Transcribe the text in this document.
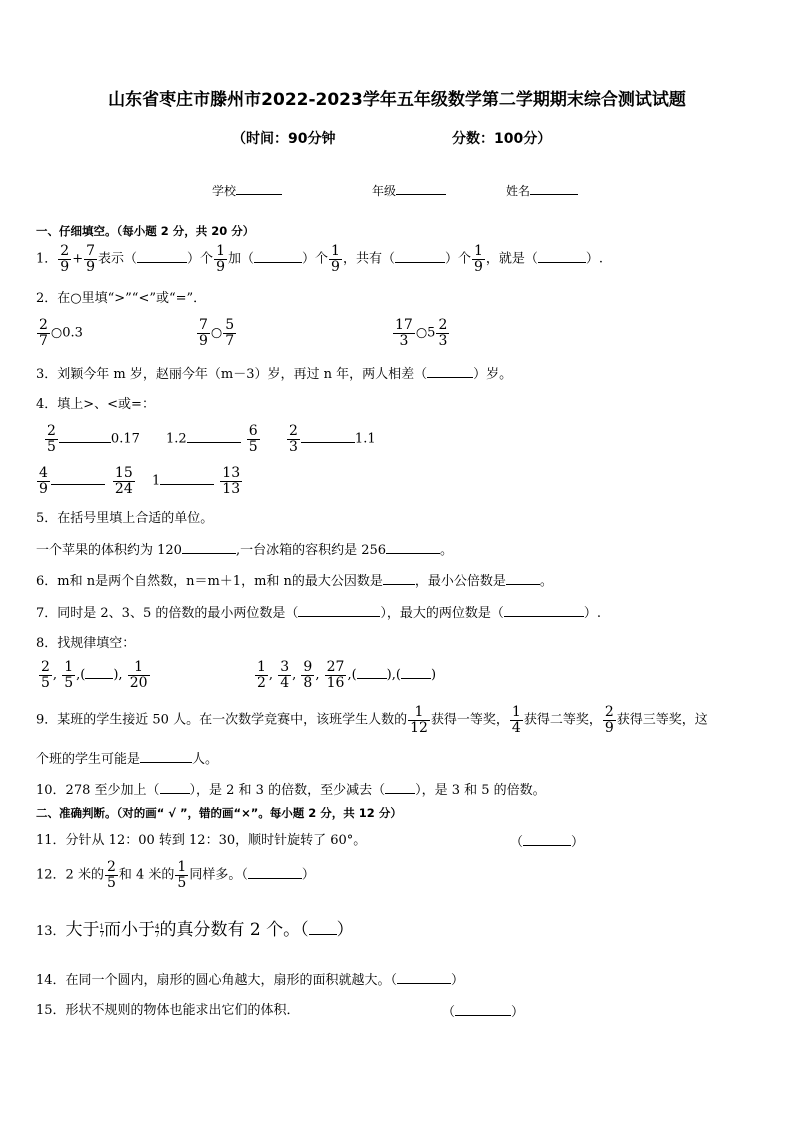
山东省枣庄市滕州市2022-2023学年五年级数学第二学期期末综合测试试题
（时间：90分钟	分数：100分）
学校	年级	姓名
一、仔细填空。（每小题 2 分，共 20 分）
1． $\frac{2}{9} + \frac{7}{9}$ 表示（	）个 $\frac{1}{9}$ 加（	）个 $\frac{1}{9}$ ，共有（	）个 $\frac{1}{9}$ ，就是（	）.
2．在○里填“>”“<”或“=”．
$\frac{2}{7}$ ○0.3	$\frac{7}{9}$ ○ $\frac{5}{7}$	$\frac{17}{3}$ ○5 $\frac{2}{3}$
3．刘颖今年 m 岁，赵丽今年（m－3）岁，再过 n 年，两人相差（	）岁。
4．填上>、<或=：
$\frac{2}{5}$	0.17 1.2	$\frac{6}{5} \frac{2}{3}$	1.1
$\frac{4}{9}$	$\frac{15}{24} 1$	$\frac{13}{13}$
5．在括号里填上合适的单位。
一个苹果的体积约为 120	,一台冰箱的容积约是 256	。
6．m和 n是两个自然数，n＝m＋1，m和 n的最大公因数是 ，最小公倍数是	。
7．同时是 2、3、5 的倍数的最小两位数是（	），最大的两位数是（	）.
8．找规律填空：
$\frac{2}{5}$ , $\frac{1}{5}$ ,( ), $\frac{1}{20}$	$\frac{1}{2}$ , $\frac{3}{4}$ , $\frac{9}{8}$ , $\frac{27}{16}$ ,( ),( )
9．某班的学生接近 50 人。在一次数学竞赛中，该班学生人数的 $\frac{1}{12}$ 获得一等奖， $\frac{1}{4}$ 获得二等奖， $\frac{2}{9}$ 获得三等奖，这
个班的学生可能是	人。
10．278 至少加上（ ），是 2 和 3 的倍数，至少减去（ ），是 3 和 5 的倍数。
二、准确判断。（对的画“ √ ”，错的画“×”。每小题 2 分，共 12 分）
11．分针从 12：00 转到 12：30，顺时针旋转了 60°。	（	）
12．2 米的 $\frac{2}{5}$ 和 4 米的 $\frac{1}{5}$ 同样多。（	）
13．大于 $\frac{1}{7}$ 而小于 $\frac{4}{7}$ 的真分数有 2 个。（ ）
14．在同一个圆内，扇形的圆心角越大，扇形的面积就越大。（	）
15．形状不规则的物体也能求出它们的体积．	（	）
